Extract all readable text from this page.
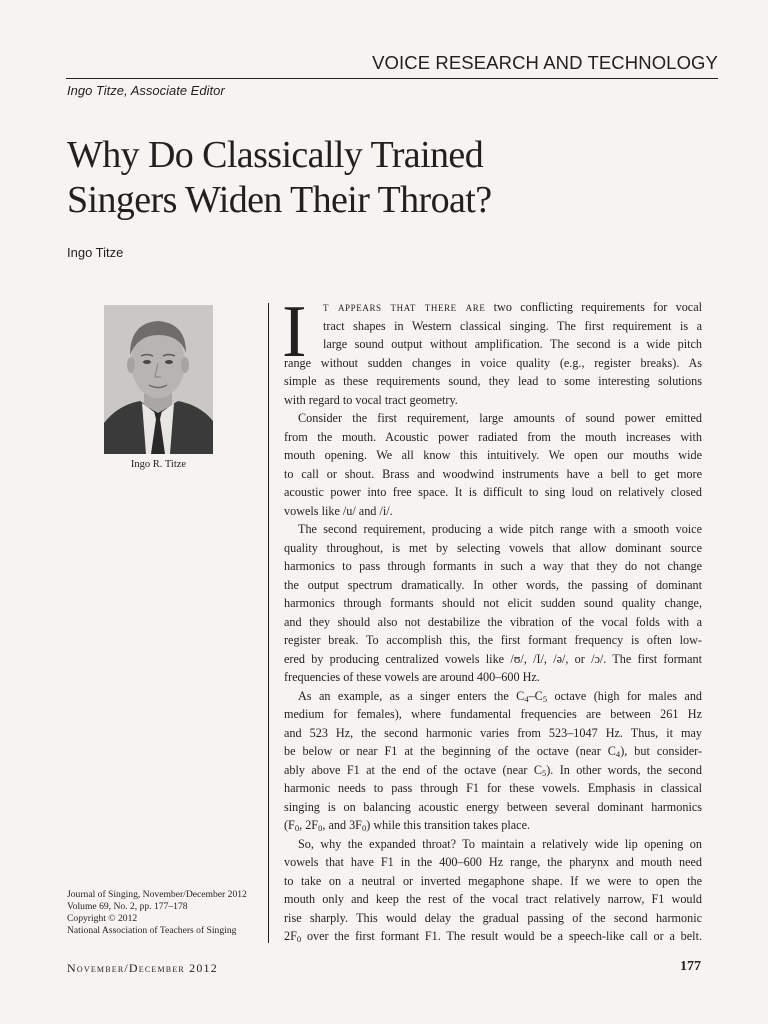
VOICE RESEARCH AND TECHNOLOGY
Ingo Titze, Associate Editor
Why Do Classically Trained
Singers Widen Their Throat?
Ingo Titze
Ingo R. Titze
I	t appears that there are two conflicting requirements for vocal
tract shapes in Western classical singing. The first requirement is a
large sound output without amplification. The second is a wide pitch
range without sudden changes in voice quality (e.g., register breaks). As
simple as these requirements sound, they lead to some interesting solutions
with regard to vocal tract geometry.
Consider the first requirement, large amounts of sound power emitted
from the mouth. Acoustic power radiated from the mouth increases with
mouth opening. We all know this intuitively. We open our mouths wide
to call or shout. Brass and woodwind instruments have a bell to get more
acoustic power into free space. It is difficult to sing loud on relatively closed
vowels like /u/ and /i/.
The second requirement, producing a wide pitch range with a smooth voice
quality throughout, is met by selecting vowels that allow dominant source
harmonics to pass through formants in such a way that they do not change
the output spectrum dramatically. In other words, the passing of dominant
harmonics through formants should not elicit sudden sound quality change,
and they should also not destabilize the vibration of the vocal folds with a
register break. To accomplish this, the first formant frequency is often low-
ered by producing centralized vowels like /ʊ/, /I/, /ə/, or /ɔ/. The first formant
frequencies of these vowels are around 400–600 Hz.
As an example, as a singer enters the $C_4-C_5$ octave (high for males and
medium for females), where fundamental frequencies are between 261 Hz
and 523 Hz, the second harmonic varies from 523–1047 Hz. Thus, it may
be below or near F1 at the beginning of the octave (near $C_4$), but consider-
ably above F1 at the end of the octave (near $C_5$). In other words, the second
harmonic needs to pass through F1 for these vowels. Emphasis in classical
singing is on balancing acoustic energy between several dominant harmonics
($F_0$, $2F_0$, and $3F_0$) while this transition takes place.
So, why the expanded throat? To maintain a relatively wide lip opening on
vowels that have F1 in the 400–600 Hz range, the pharynx and mouth need
to take on a neutral or inverted megaphone shape. If we were to open the
mouth only and keep the rest of the vocal tract relatively narrow, F1 would
rise sharply. This would delay the gradual passing of the second harmonic
$2F_0$ over the first formant F1. The result would be a speech-like call or a belt.
Journal of Singing, November/December 2012
Volume 69, No. 2, pp. 177–178
Copyright © 2012
National Association of Teachers of Singing
November/December 2012	177
